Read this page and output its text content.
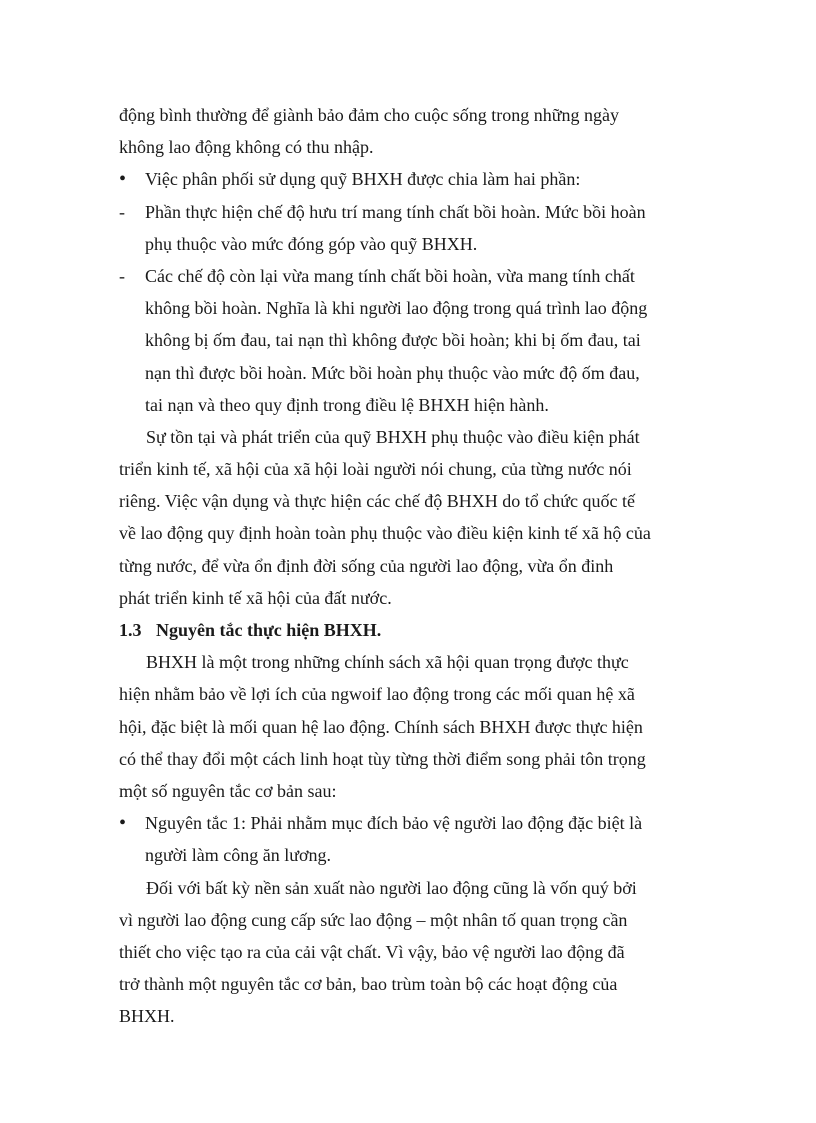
động bình thường để giành bảo đảm cho cuộc sống trong những ngày
không lao động không có thu nhập.
•	Việc phân phối sử dụng quỹ BHXH được chia làm hai phần:
-	Phần thực hiện chế độ hưu trí mang tính chất bồi hoàn. Mức bồi hoàn
phụ thuộc vào mức đóng góp vào quỹ BHXH.
-	Các chế độ còn lại vừa mang tính chất bồi hoàn, vừa mang tính chất
không bồi hoàn. Nghĩa là khi người lao động trong quá trình lao động
không bị ốm đau, tai nạn thì không được bồi hoàn; khi bị ốm đau, tai
nạn thì được bồi hoàn. Mức bồi hoàn phụ thuộc vào mức độ ốm đau,
tai nạn và theo quy định trong điều lệ BHXH hiện hành.
Sự tồn tại và phát triển của quỹ BHXH phụ thuộc vào điều kiện phát
triển kinh tế, xã hội của xã hội loài người nói chung, của từng nước nói
riêng. Việc vận dụng và thực hiện các chế độ BHXH do tổ chức quốc tế
về lao động quy định hoàn toàn phụ thuộc vào điều kiện kinh tế xã hộ của
từng nước, để vừa ổn định đời sống của người lao động, vừa ổn đinh
phát triển kinh tế xã hội của đất nước.
1.3 Nguyên tắc thực hiện BHXH.
BHXH là một trong những chính sách xã hội quan trọng được thực
hiện nhằm bảo về lợi ích của ngwoif lao động trong các mối quan hệ xã
hội, đặc biệt là mối quan hệ lao động. Chính sách BHXH được thực hiện
có thể thay đổi một cách linh hoạt tùy từng thời điểm song phải tôn trọng
một số nguyên tắc cơ bản sau:
•	Nguyên tắc 1: Phải nhằm mục đích bảo vệ người lao động đặc biệt là
người làm công ăn lương.
Đối với bất kỳ nền sản xuất nào người lao động cũng là vốn quý bởi
vì người lao động cung cấp sức lao động – một nhân tố quan trọng cần
thiết cho việc tạo ra của cải vật chất. Vì vậy, bảo vệ người lao động đã
trở thành một nguyên tắc cơ bản, bao trùm toàn bộ các hoạt động của
BHXH.
